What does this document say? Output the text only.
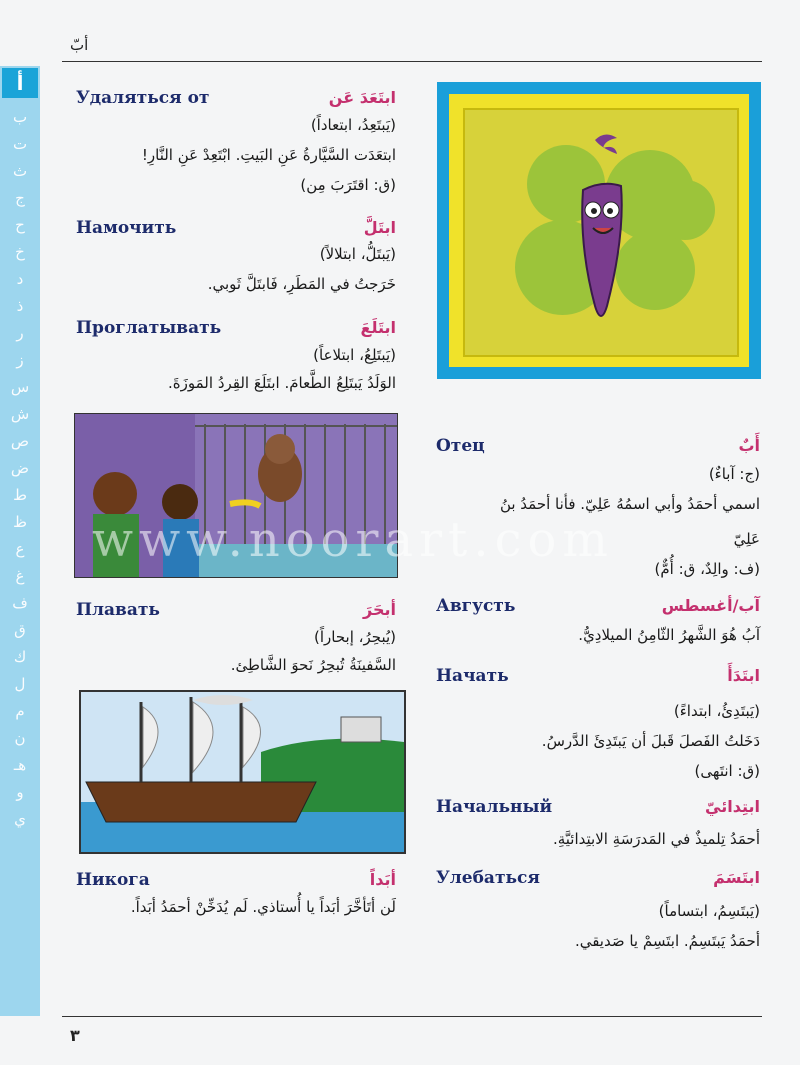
أبّ
أ
ب
ت
ث
ج
ح
خ
د
ذ
ر
ز
س
ش
ص
ض
ط
ظ
ع
غ
ف
ق
ك
ل
م
ن
هـ
و
ي
www.noorart.com
Удаляться от	ابتَعَدَ عَن
(يَبتَعِدُ، ابتعاداً)
ابتعَدَت السَّيَّارةُ عَنِ البَيتِ. ابْتَعِدْ عَنِ النَّارِ!
(ق: اقتَرَبَ مِن)
Намочить	ابتَلَّ
(يَبتَلُّ، ابتلالاً)
خَرَجتُ في المَطَرِ، فَابتَلَّ ثَوبي.
Проглатывать	ابتَلَعَ
(يَبتَلِعُ، ابتلاعاً)
الوَلَدُ يَبتَلِعُ الطَّعامَ. ابتَلَعَ القِردُ المَوزَةَ.
Плавать	أبحَرَ
(يُبحِرُ، إبحاراً)
السَّفينَةُ تُبحِرُ نَحوَ الشَّاطِئ.
Никога	أبَداً
لَن أتَأخَّرَ أبَداً يا أُستاذي. لَم يُدَخِّنْ أحمَدُ أبَداً.
Отец	أَبٌ
(ج: آباءٌ)
اسمي أحمَدُ وأبي اسمُهُ عَلِيّ. فأنا أحمَدُ بنُ
عَلِيّ
(ف: والِدٌ، ق: أُمٌّ)
Августь	آب/أغسطس
آبُ هُوَ الشَّهرُ الثّامِنُ الميلادِيُّ.
Начать	ابتَدَأَ
(يَبتَدِئُ، ابتداءً)
دَخَلتُ الفَصلَ قَبلَ أن يَبتَدِئَ الدَّرسُ.
(ق: انتَهى)
Начальный	ابتِدائيّ
أحمَدُ تِلميذٌ في المَدرَسَةِ الابتِدائيَّةِ.
Улебаться	ابتَسَمَ
(يَبتَسِمُ، ابتساماً)
أحمَدُ يَبتَسِمُ. ابتَسِمْ يا صَديقي.
٣
